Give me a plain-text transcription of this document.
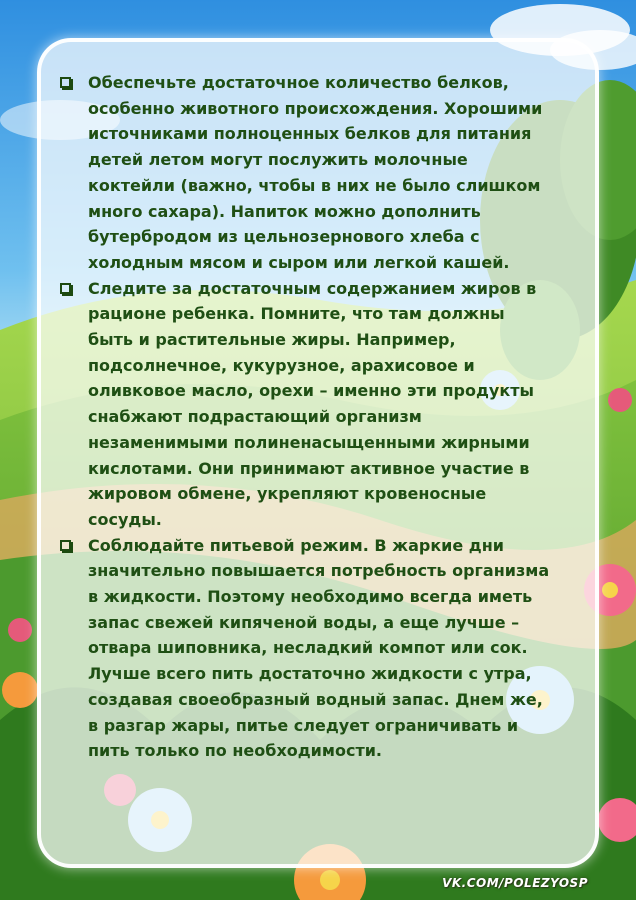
Обеспечьте достаточное количество белков, особенно животного происхождения. Хорошими источниками полноценных белков для питания детей летом могут послужить молочные коктейли (важно, чтобы в них не было слишком много сахара). Напиток можно дополнить бутербродом из цельнозернового хлеба с холодным мясом и сыром или легкой кашей.
Следите за достаточным содержанием жиров в рационе ребенка. Помните, что там должны быть и растительные жиры. Например, подсолнечное, кукурузное, арахисовое и оливковое масло, орехи – именно эти продукты снабжают подрастающий организм незаменимыми полиненасыщенными жирными кислотами. Они принимают активное участие в жировом обмене, укрепляют кровеносные сосуды.
Соблюдайте питьевой режим. В жаркие дни значительно повышается потребность организма в жидкости. Поэтому необходимо всегда иметь запас свежей кипяченой воды, а еще лучше – отвара шиповника, несладкий компот или сок. Лучше всего пить достаточно жидкости с утра, создавая своеобразный водный запас. Днем же, в разгар жары, питье следует ограничивать и пить только по необходимости.
VK.COM/POLEZYOSP
